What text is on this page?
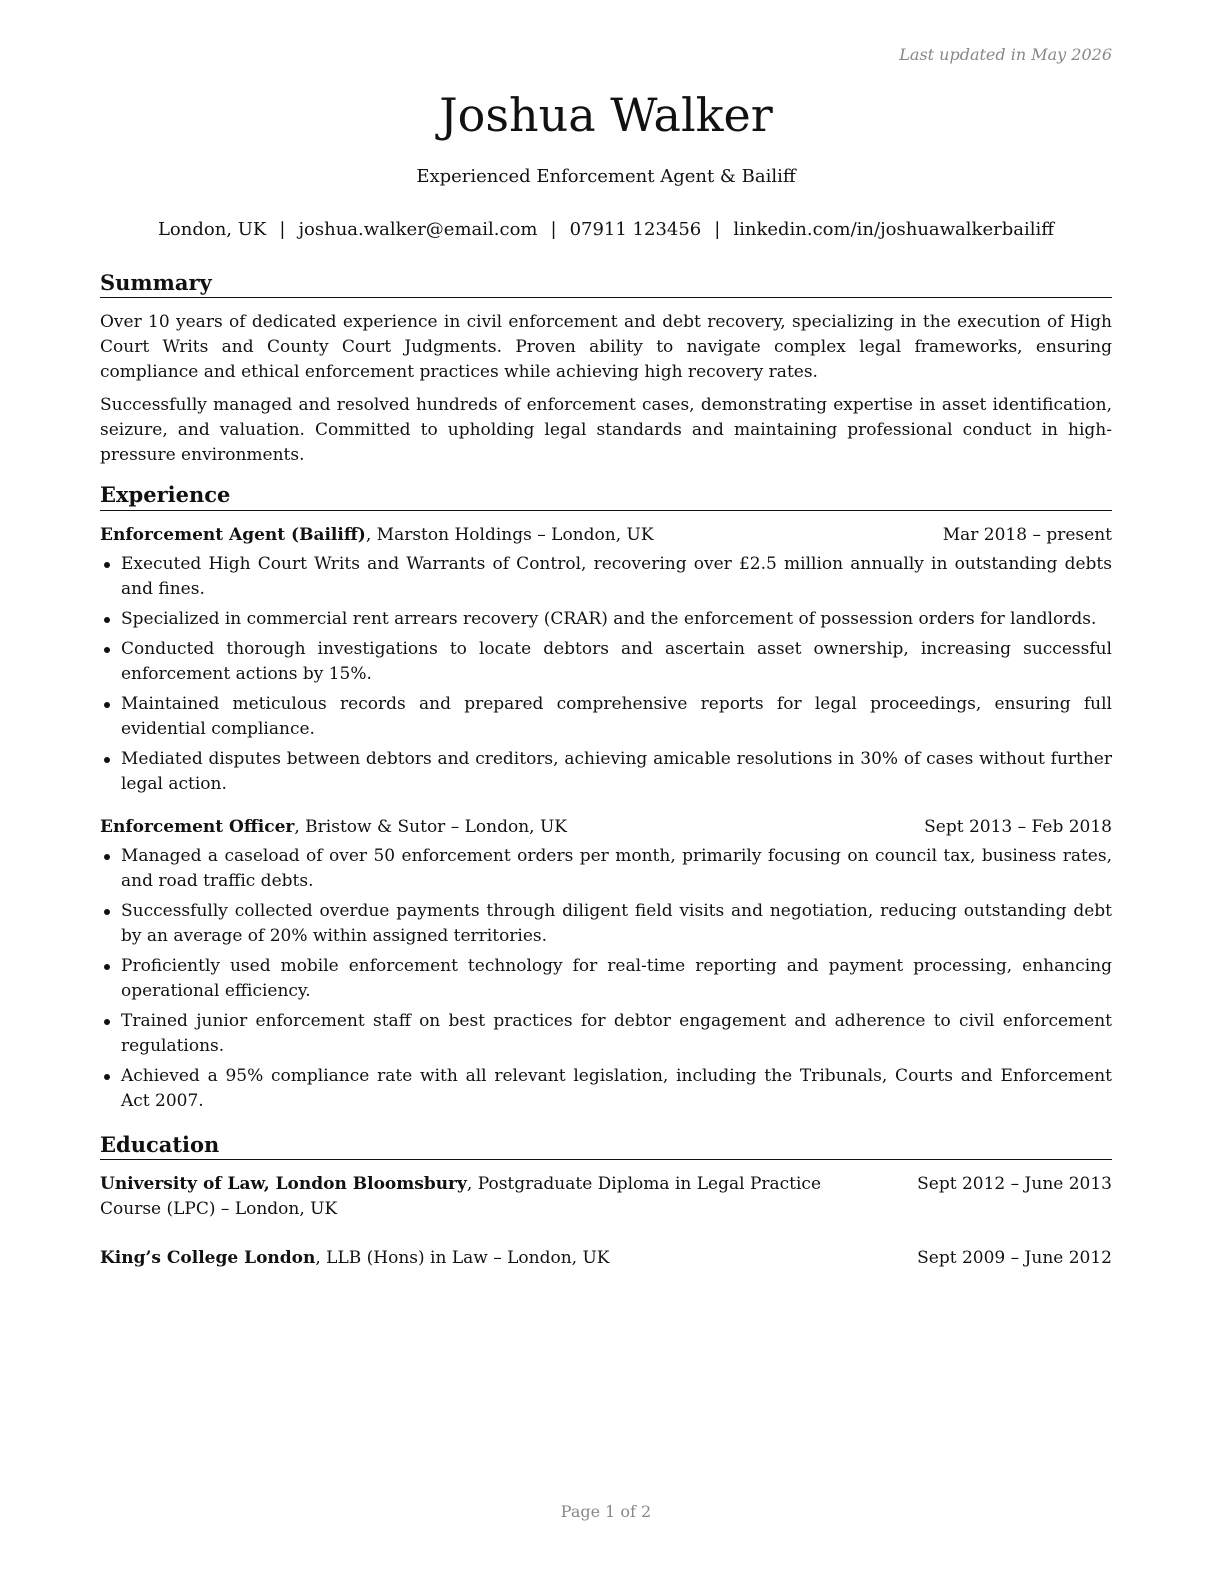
Last updated in May 2026
Joshua Walker
Experienced Enforcement Agent & Bailiff
London, UK | joshua.walker@email.com | 07911 123456 | linkedin.com/in/joshuawalkerbailiff
Summary

Over 10 years of dedicated experience in civil enforcement and debt recovery, specializing in the execution of High Court Writs and County Court Judgments. Proven ability to navigate complex legal frameworks, ensuring compliance and ethical enforcement practices while achieving high recovery rates.

Successfully managed and resolved hundreds of enforcement cases, demonstrating expertise in asset identification, seizure, and valuation. Committed to upholding legal standards and maintaining professional conduct in high-pressure environments.

Experience
Enforcement Agent (Bailiff), Marston Holdings – London, UK	Mar 2018 – present
Executed High Court Writs and Warrants of Control, recovering over £2.5 million annually in outstanding debts and fines.
Specialized in commercial rent arrears recovery (CRAR) and the enforcement of possession orders for landlords.
Conducted thorough investigations to locate debtors and ascertain asset ownership, increasing successful enforcement actions by 15%.
Maintained meticulous records and prepared comprehensive reports for legal proceedings, ensuring full evidential compliance.
Mediated disputes between debtors and creditors, achieving amicable resolutions in 30% of cases without further legal action.
Enforcement Officer, Bristow & Sutor – London, UK	Sept 2013 – Feb 2018
Managed a caseload of over 50 enforcement orders per month, primarily focusing on council tax, business rates, and road traffic debts.
Successfully collected overdue payments through diligent field visits and negotiation, reducing outstanding debt by an average of 20% within assigned territories.
Proficiently used mobile enforcement technology for real-time reporting and payment processing, enhancing operational efficiency.
Trained junior enforcement staff on best practices for debtor engagement and adherence to civil enforcement regulations.
Achieved a 95% compliance rate with all relevant legislation, including the Tribunals, Courts and Enforcement Act 2007.
Education
University of Law, London Bloomsbury, Postgraduate Diploma in Legal Practice Course (LPC) – London, UK
Sept 2012 – June 2013
King’s College London, LLB (Hons) in Law – London, UK	Sept 2009 – June 2012
Page 1 of 2
